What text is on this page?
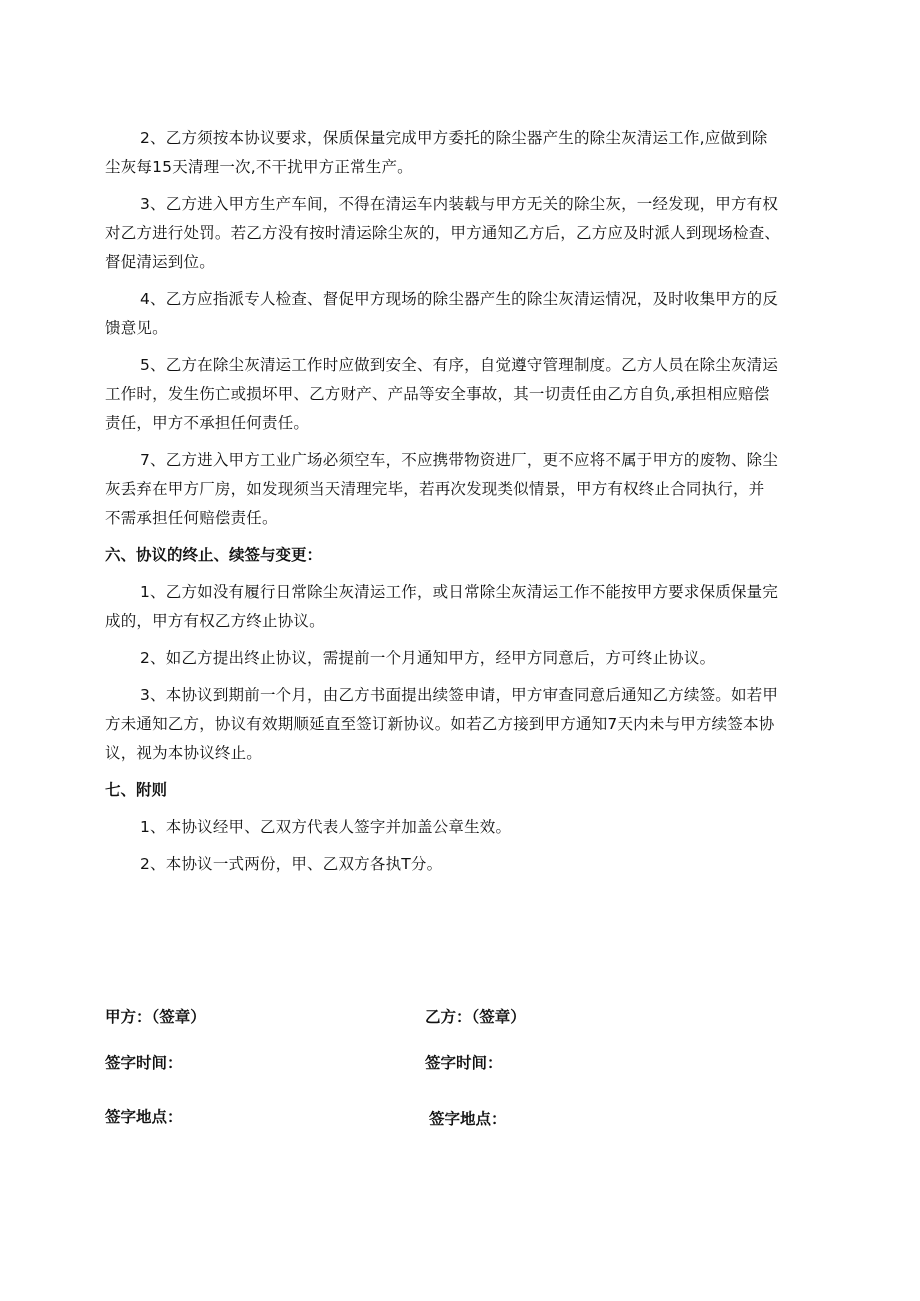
2、乙方须按本协议要求，保质保量完成甲方委托的除尘器产生的除尘灰清运工作,应做到除
尘灰每15天清理一次,不干扰甲方正常生产。
3、乙方进入甲方生产车间，不得在清运车内装载与甲方无关的除尘灰，一经发现，甲方有权
对乙方进行处罚。若乙方没有按时清运除尘灰的，甲方通知乙方后，乙方应及时派人到现场检查、
督促清运到位。
4、乙方应指派专人检查、督促甲方现场的除尘器产生的除尘灰清运情况，及时收集甲方的反
馈意见。
5、乙方在除尘灰清运工作时应做到安全、有序，自觉遵守管理制度。乙方人员在除尘灰清运
工作时，发生伤亡或损坏甲、乙方财产、产品等安全事故，其一切责任由乙方自负,承担相应赔偿
责任，甲方不承担任何责任。
7、乙方进入甲方工业广场必须空车，不应携带物资进厂，更不应将不属于甲方的废物、除尘
灰丢弃在甲方厂房，如发现须当天清理完毕，若再次发现类似情景，甲方有权终止合同执行，并
不需承担任何赔偿责任。
六、协议的终止、续签与变更：
1、乙方如没有履行日常除尘灰清运工作，或日常除尘灰清运工作不能按甲方要求保质保量完
成的，甲方有权乙方终止协议。
2、如乙方提出终止协议，需提前一个月通知甲方，经甲方同意后，方可终止协议。
3、本协议到期前一个月，由乙方书面提出续签申请，甲方审查同意后通知乙方续签。如若甲
方未通知乙方，协议有效期顺延直至签订新协议。如若乙方接到甲方通知7天内未与甲方续签本协
议，视为本协议终止。
七、附则
1、本协议经甲、乙双方代表人签字并加盖公章生效。
2、本协议一式两份，甲、乙双方各执T分。
甲方：（签章）	乙方：（签章）
签字时间：	签字时间：
签字地点：	签字地点：
